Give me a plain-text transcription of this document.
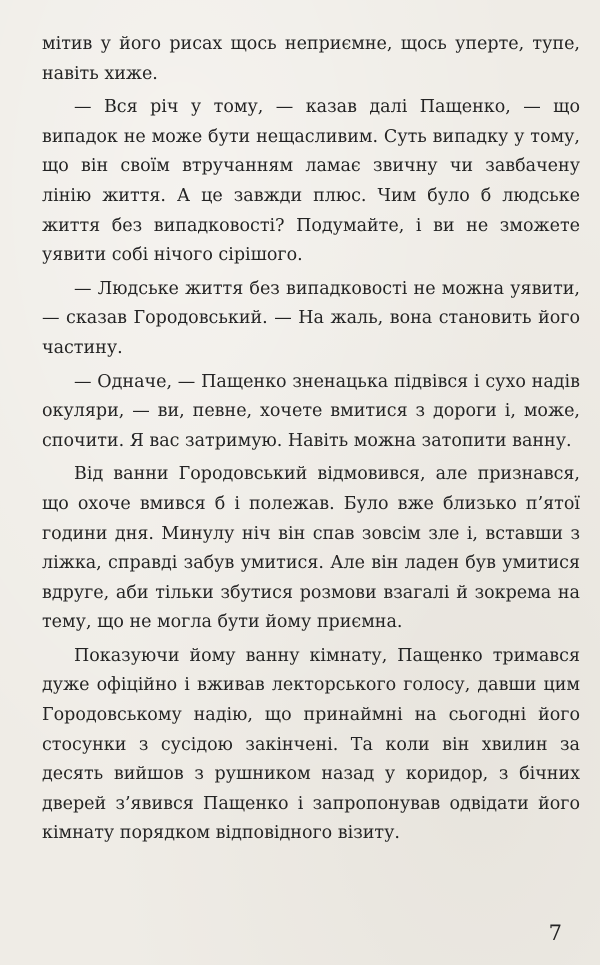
мітив у його рисах щось неприємне, щось уперте, тупе, навіть хиже.

— Вся річ у тому, — казав далі Пащенко, — що випадок не може бути нещасливим. Суть випадку у тому, що він своїм втручанням ламає звичну чи завбачену лінію життя. А це завжди плюс. Чим було б людське життя без випадковості? Подумайте, і ви не зможете уявити собі нічого сірішого.

— Людське життя без випадковості не можна уявити, — сказав Городовський. — На жаль, вона становить його частину.

— Одначе, — Пащенко зненацька підвівся і сухо надів окуляри, — ви, певне, хочете вмитися з дороги і, може, спочити. Я вас затримую. Навіть можна затопити ванну.

Від ванни Городовський відмовився, але признався, що охоче вмився б і полежав. Було вже близько п’ятої години дня. Минулу ніч він спав зовсім зле і, вставши з ліжка, справді забув умитися. Але він ладен був умитися вдруге, аби тільки збутися розмови взагалі й зокрема на тему, що не могла бути йому приємна.

Показуючи йому ванну кімнату, Пащенко тримався дуже офіційно і вживав лекторського голосу, давши цим Городовському надію, що принаймні на сьогодні його стосунки з сусідою закінчені. Та коли він хвилин за десять вийшов з рушником назад у коридор, з бічних дверей з’явився Пащенко і запропонував одвідати його кімнату порядком відповідного візиту.

7
